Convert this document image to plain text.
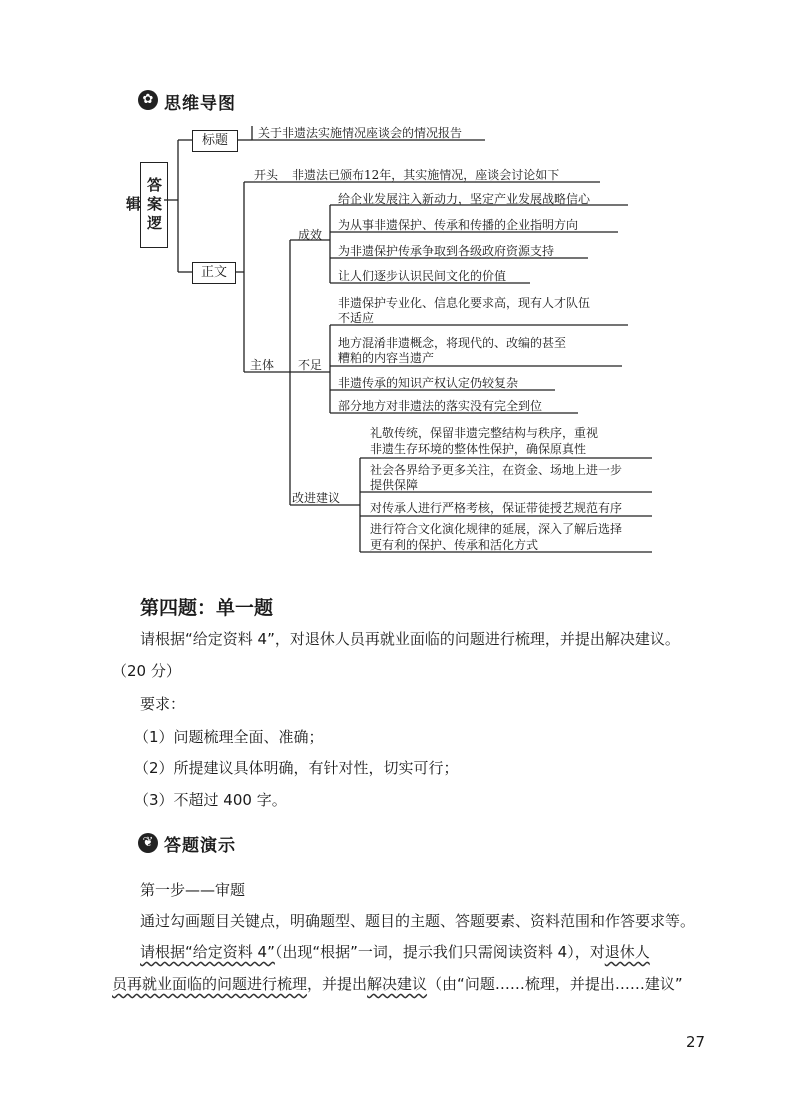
✿ 思维导图
答案逻辑
标题	关于非遗法实施情况座谈会的情况报告
正文
开头 非遗法已颁布12年，其实施情况，座谈会讨论如下
主体
成效
给企业发展注入新动力，坚定产业发展战略信心
为从事非遗保护、传承和传播的企业指明方向
为非遗保护传承争取到各级政府资源支持
让人们逐步认识民间文化的价值
不足
非遗保护专业化、信息化要求高，现有人才队伍
不适应
地方混淆非遗概念，将现代的、改编的甚至
糟粕的内容当遗产
非遗传承的知识产权认定仍较复杂
部分地方对非遗法的落实没有完全到位
改进建议
礼敬传统，保留非遗完整结构与秩序，重视
非遗生存环境的整体性保护，确保原真性
社会各界给予更多关注，在资金、场地上进一步
提供保障
对传承人进行严格考核，保证带徒授艺规范有序
进行符合文化演化规律的延展，深入了解后选择
更有利的保护、传承和活化方式
第四题：单一题
请根据“给定资料 4”，对退休人员再就业面临的问题进行梳理，并提出解决建议。
（20 分）
要求：
（1）问题梳理全面、准确；
（2）所提建议具体明确，有针对性，切实可行；
（3）不超过 400 字。
❦ 答题演示
第一步——审题
通过勾画题目关键点，明确题型、题目的主题、答题要素、资料范围和作答要求等。
请根据“给定资料 4”（出现“根据”一词，提示我们只需阅读资料 4），对退休人
员再就业面临的问题进行梳理，并提出解决建议（由“问题……梳理，并提出……建议”
27
